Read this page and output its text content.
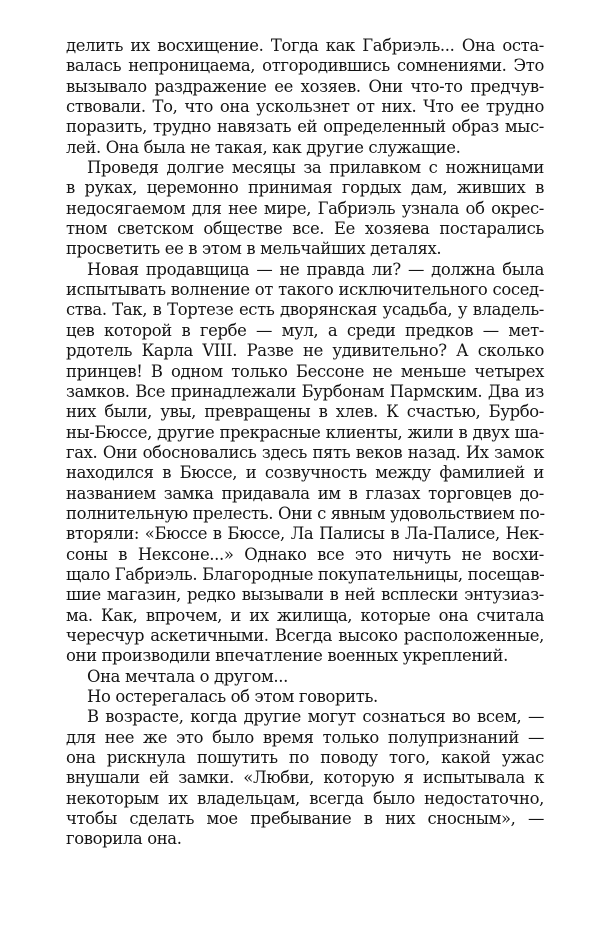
делить их восхищение. Тогда как Габриэль... Она оста-
валась непроницаема, отгородившись сомнениями. Это
вызывало раздражение ее хозяев. Они что-то предчув-
ствовали. То, что она ускользнет от них. Что ее трудно
поразить, трудно навязать ей определенный образ мыс-
лей. Она была не такая, как другие служащие.
Проведя долгие месяцы за прилавком с ножницами
в руках, церемонно принимая гордых дам, живших в
недосягаемом для нее мире, Габриэль узнала об окрес-
тном светском обществе все. Ее хозяева постарались
просветить ее в этом в мельчайших деталях.
Новая продавщица — не правда ли? — должна была
испытывать волнение от такого исключительного сосед-
ства. Так, в Тортезе есть дворянская усадьба, у владель-
цев которой в гербе — мул, а среди предков — мет-
рдотель Карла VIII. Разве не удивительно? А сколько
принцев! В одном только Бессоне не меньше четырех
замков. Все принадлежали Бурбонам Пармским. Два из
них были, увы, превращены в хлев. К счастью, Бурбо-
ны-Бюссе, другие прекрасные клиенты, жили в двух ша-
гах. Они обосновались здесь пять веков назад. Их замок
находился в Бюссе, и созвучность между фамилией и
названием замка придавала им в глазах торговцев до-
полнительную прелесть. Они с явным удовольствием по-
вторяли: «Бюссе в Бюссе, Ла Палисы в Ла-Палисе, Нек-
соны в Нексоне...» Однако все это ничуть не восхи-
щало Габриэль. Благородные покупательницы, посещав-
шие магазин, редко вызывали в ней всплески энтузиаз-
ма. Как, впрочем, и их жилища, которые она считала
чересчур аскетичными. Всегда высоко расположенные,
они производили впечатление военных укреплений.
Она мечтала о другом...
Но остерегалась об этом говорить.
В возрасте, когда другие могут сознаться во всем, —
для нее же это было время только полупризнаний —
она рискнула пошутить по поводу того, какой ужас
внушали ей замки. «Любви, которую я испытывала к
некоторым их владельцам, всегда было недостаточно,
чтобы сделать мое пребывание в них сносным», —
говорила она.
